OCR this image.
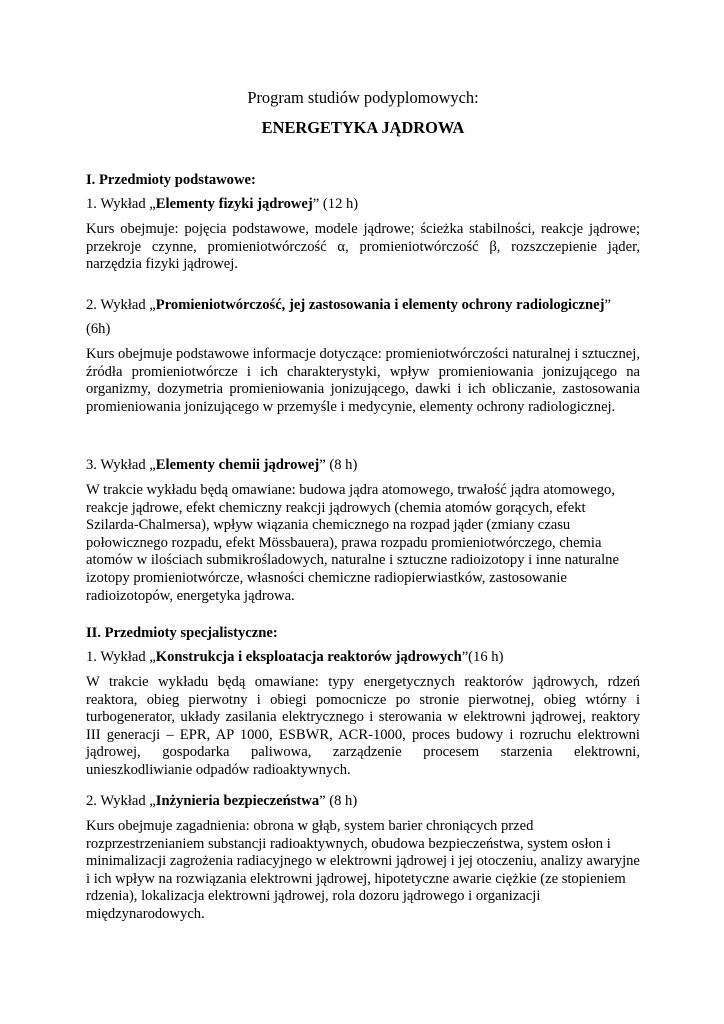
Program studiów podyplomowych:
ENERGETYKA JĄDROWA
I. Przedmioty podstawowe:
1. Wykład „Elementy fizyki jądrowej” (12 h)

Kurs obejmuje: pojęcia podstawowe, modele jądrowe; ścieżka stabilności, reakcje jądrowe; przekroje czynne, promieniotwórczość α, promieniotwórczość β, rozszczepienie jąder, narzędzia fizyki jądrowej.

2. Wykład „Promieniotwórczość, jej zastosowania i elementy ochrony radiologicznej”
(6h)

Kurs obejmuje podstawowe informacje dotyczące: promieniotwórczości naturalnej i sztucznej, źródła promieniotwórcze i ich charakterystyki, wpływ promieniowania jonizującego na organizmy, dozymetria promieniowania jonizującego, dawki i ich obliczanie, zastosowania promieniowania jonizującego w przemyśle i medycynie, elementy ochrony radiologicznej.

3. Wykład „Elementy chemii jądrowej” (8 h)

W trakcie wykładu będą omawiane: budowa jądra atomowego, trwałość jądra atomowego, reakcje jądrowe, efekt chemiczny reakcji jądrowych (chemia atomów gorących, efekt Szilarda-Chalmersa), wpływ wiązania chemicznego na rozpad jąder (zmiany czasu połowicznego rozpadu, efekt Mössbauera), prawa rozpadu promieniotwórczego, chemia atomów w ilościach submikrośladowych, naturalne i sztuczne radioizotopy i inne naturalne izotopy promieniotwórcze, własności chemiczne radiopierwiastków, zastosowanie radioizotopów, energetyka jądrowa.

II. Przedmioty specjalistyczne:
1. Wykład „Konstrukcja i eksploatacja reaktorów jądrowych”(16 h)

W trakcie wykładu będą omawiane: typy energetycznych reaktorów jądrowych, rdzeń reaktora, obieg pierwotny i obiegi pomocnicze po stronie pierwotnej, obieg wtórny i turbogenerator, układy zasilania elektrycznego i sterowania w elektrowni jądrowej, reaktory III generacji – EPR, AP 1000, ESBWR, ACR-1000, proces budowy i rozruchu elektrowni jądrowej, gospodarka paliwowa, zarządzenie procesem starzenia elektrowni, unieszkodliwianie odpadów radioaktywnych.

2. Wykład „Inżynieria bezpieczeństwa” (8 h)

Kurs obejmuje zagadnienia: obrona w głąb, system barier chroniących przed rozprzestrzenianiem substancji radioaktywnych, obudowa bezpieczeństwa, system osłon i minimalizacji zagrożenia radiacyjnego w elektrowni jądrowej i jej otoczeniu, analizy awaryjne i ich wpływ na rozwiązania elektrowni jądrowej, hipotetyczne awarie ciężkie (ze stopieniem rdzenia), lokalizacja elektrowni jądrowej, rola dozoru jądrowego i organizacji międzynarodowych.
